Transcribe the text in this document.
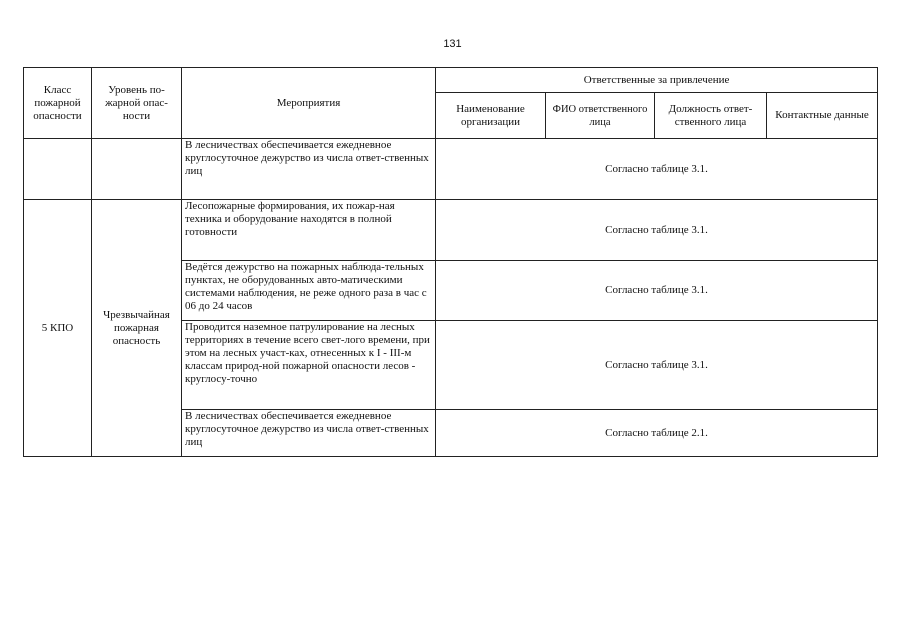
131
Класс пожарной опасности	Уровень по-жарной опас-ности	Мероприятия	Ответственные за привлечение			
			Наименование организации	ФИО ответственного лица	Должность ответ-ственного лица	Контактные данные
		В лесничествах обеспечивается ежедневное круглосуточное дежурство из числа ответ-ственных лиц	Согласно таблице 3.1.			
5 КПО	Чрезвычайная пожарная опасность	Лесопожарные формирования, их пожар-ная техника и оборудование находятся в полной готовности	Согласно таблице 3.1.			
		Ведётся дежурство на пожарных наблюда-тельных пунктах, не оборудованных авто-матическими системами наблюдения, не реже одного раза в час с 06 до 24 часов	Согласно таблице 3.1.			
		Проводится наземное патрулирование на лесных территориях в течение всего свет-лого времени, при этом на лесных участ-ках, отнесенных к I - III-м классам природ-ной пожарной опасности лесов - круглосу-точно	Согласно таблице 3.1.			
		В лесничествах обеспечивается ежедневное круглосуточное дежурство из числа ответ-ственных лиц	Согласно таблице 2.1.			
